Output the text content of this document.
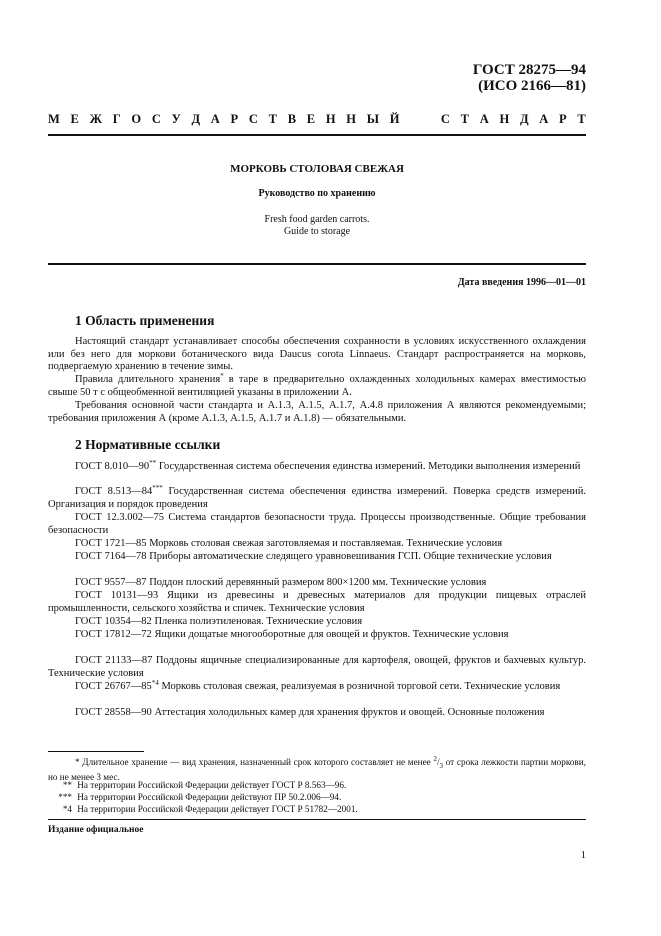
ГОСТ 28275—94
(ИСО 2166—81)
М Е Ж Г О С У Д А Р С Т В Е Н Н Ы Й	С Т А Н Д А Р Т
МОРКОВЬ СТОЛОВАЯ СВЕЖАЯ
Руководство по хранению
Fresh food garden carrots.
Guide to storage
Дата введения 1996—01—01
1 Область применения

Настоящий стандарт устанавливает способы обеспечения сохранности в условиях искусственного охлаждения или без него для моркови ботанического вида Daucus corota Linnaeus. Стандарт распространяется на морковь, подвергаемую хранению в течение зимы.

Правила длительного хранения* в таре в предварительно охлажденных холодильных камерах вместимостью свыше 50 т с общеобменной вентиляцией указаны в приложении А.

Требования основной части стандарта и А.1.3, А.1.5, А.1.7, А.4.8 приложения А являются рекомендуемыми; требования приложения А (кроме А.1.3, А.1.5, А.1.7 и А.1.8) — обязательными.

2 Нормативные ссылки

ГОСТ 8.010—90** Государственная система обеспечения единства измерений. Методики выполнения измерений

ГОСТ 8.513—84*** Государственная система обеспечения единства измерений. Поверка средств измерений. Организация и порядок проведения

ГОСТ 12.3.002—75 Система стандартов безопасности труда. Процессы производственные. Общие требования безопасности

ГОСТ 1721—85 Морковь столовая свежая заготовляемая и поставляемая. Технические условия

ГОСТ 7164—78 Приборы автоматические следящего уравновешивания ГСП. Общие технические условия

ГОСТ 9557—87 Поддон плоский деревянный размером 800×1200 мм. Технические условия

ГОСТ 10131—93 Ящики из древесины и древесных материалов для продукции пищевых отраслей промышленности, сельского хозяйства и спичек. Технические условия

ГОСТ 10354—82 Пленка полиэтиленовая. Технические условия

ГОСТ 17812—72 Ящики дощатые многооборотные для овощей и фруктов. Технические условия

ГОСТ 21133—87 Поддоны ящичные специализированные для картофеля, овощей, фруктов и бахчевых культур. Технические условия

ГОСТ 26767—85$^{*4}$ Морковь столовая свежая, реализуемая в розничной торговой сети. Технические условия

ГОСТ 28558—90 Аттестация холодильных камер для хранения фруктов и овощей. Основные положения

* Длительное хранение — вид хранения, назначенный срок которого составляет не менее $^2/_3$ от срока лежкости партии моркови, но не менее 3 мес.

** На территории Российской Федерации действует ГОСТ Р 8.563—96.

*** На территории Российской Федерации действуют ПР 50.2.006—94.

*4 На территории Российской Федерации действует ГОСТ Р 51782—2001.

Издание официальное
1
